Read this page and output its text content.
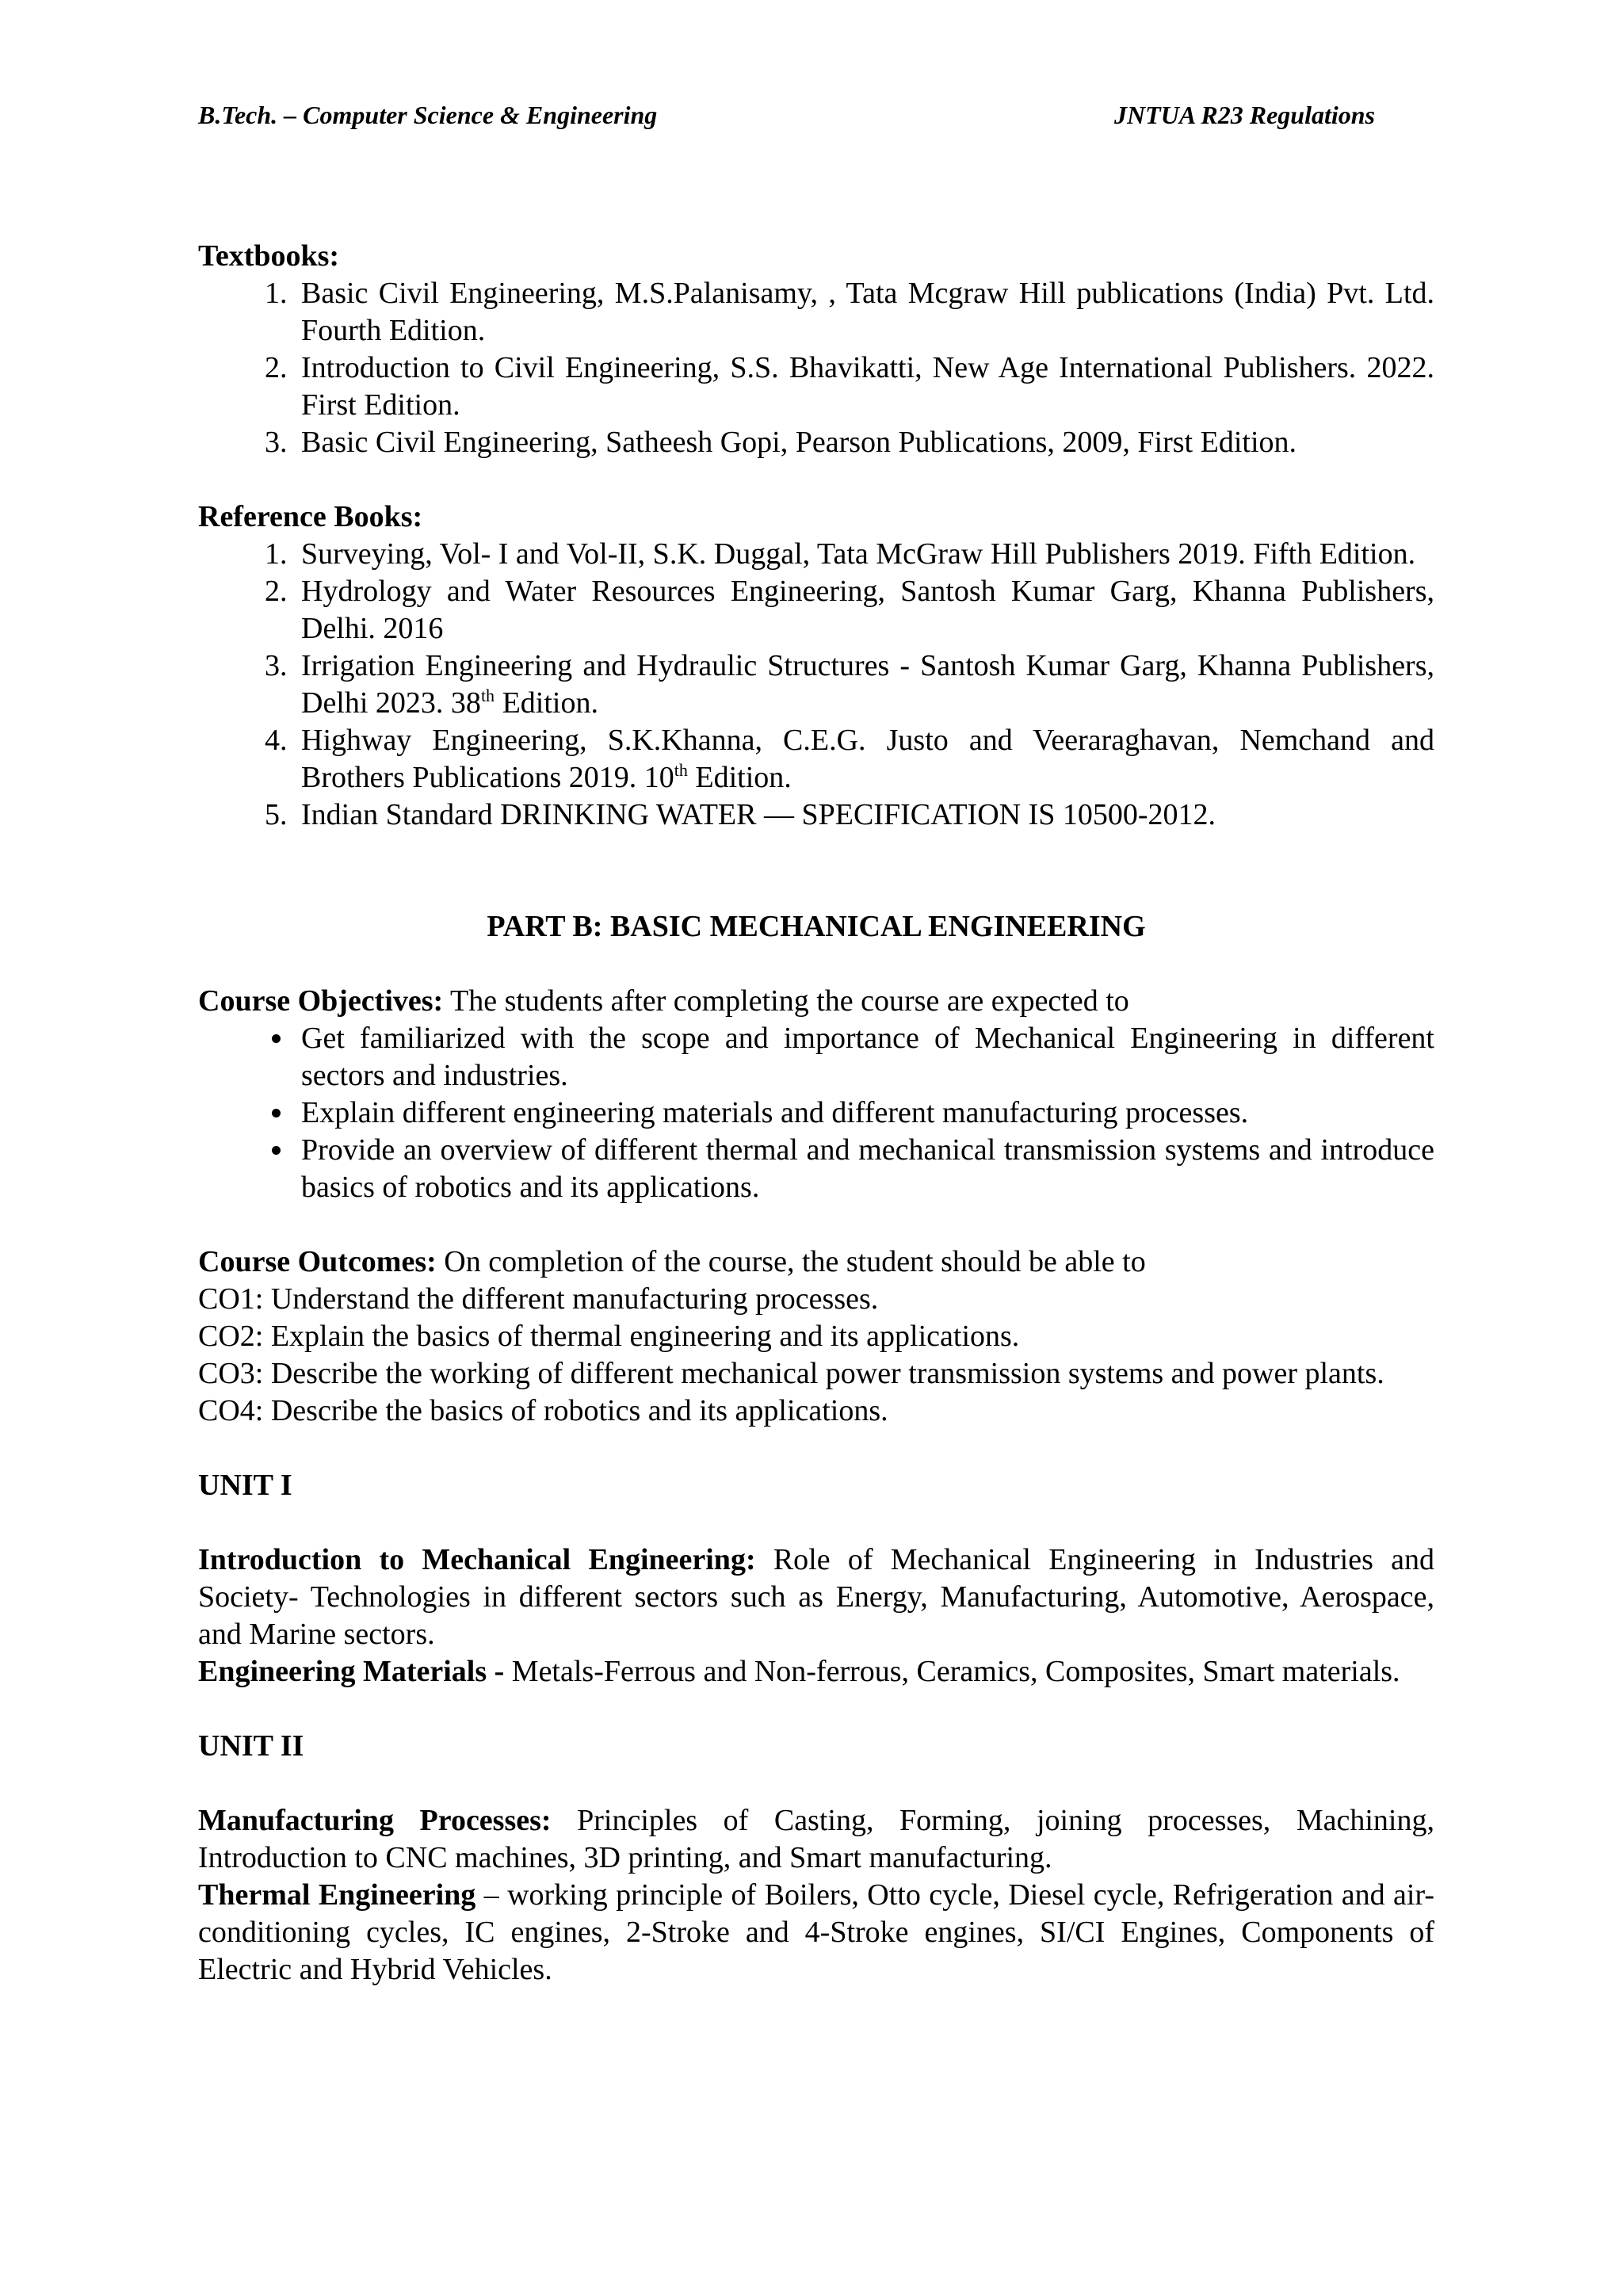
B.Tech. – Computer Science & Engineering	JNTUA R23 Regulations
Textbooks:
1. Basic Civil Engineering, M.S.Palanisamy, , Tata Mcgraw Hill publications (India) Pvt. Ltd. Fourth Edition.
2. Introduction to Civil Engineering, S.S. Bhavikatti, New Age International Publishers. 2022. First Edition.
3. Basic Civil Engineering, Satheesh Gopi, Pearson Publications, 2009, First Edition.
Reference Books:
1. Surveying, Vol- I and Vol-II, S.K. Duggal, Tata McGraw Hill Publishers 2019. Fifth Edition.
2. Hydrology and Water Resources Engineering, Santosh Kumar Garg, Khanna Publishers, Delhi. 2016
3. Irrigation Engineering and Hydraulic Structures - Santosh Kumar Garg, Khanna Publishers, Delhi 2023. 38th Edition.
4. Highway Engineering, S.K.Khanna, C.E.G. Justo and Veeraraghavan, Nemchand and Brothers Publications 2019. 10th Edition.
5. Indian Standard DRINKING WATER — SPECIFICATION IS 10500-2012.

PART B: BASIC MECHANICAL ENGINEERING

Course Objectives: The students after completing the course are expected to

• Get familiarized with the scope and importance of Mechanical Engineering in different sectors and industries.
• Explain different engineering materials and different manufacturing processes.
• Provide an overview of different thermal and mechanical transmission systems and introduce basics of robotics and its applications.

Course Outcomes: On completion of the course, the student should be able to

CO1: Understand the different manufacturing processes.

CO2: Explain the basics of thermal engineering and its applications.

CO3: Describe the working of different mechanical power transmission systems and power plants.

CO4: Describe the basics of robotics and its applications.

UNIT I

Introduction to Mechanical Engineering: Role of Mechanical Engineering in Industries and Society- Technologies in different sectors such as Energy, Manufacturing, Automotive, Aerospace, and Marine sectors.

Engineering Materials - Metals-Ferrous and Non-ferrous, Ceramics, Composites, Smart materials.

UNIT II

Manufacturing Processes: Principles of Casting, Forming, joining processes, Machining, Introduction to CNC machines, 3D printing, and Smart manufacturing.

Thermal Engineering – working principle of Boilers, Otto cycle, Diesel cycle, Refrigeration and air-conditioning cycles, IC engines, 2-Stroke and 4-Stroke engines, SI/CI Engines, Components of Electric and Hybrid Vehicles.
